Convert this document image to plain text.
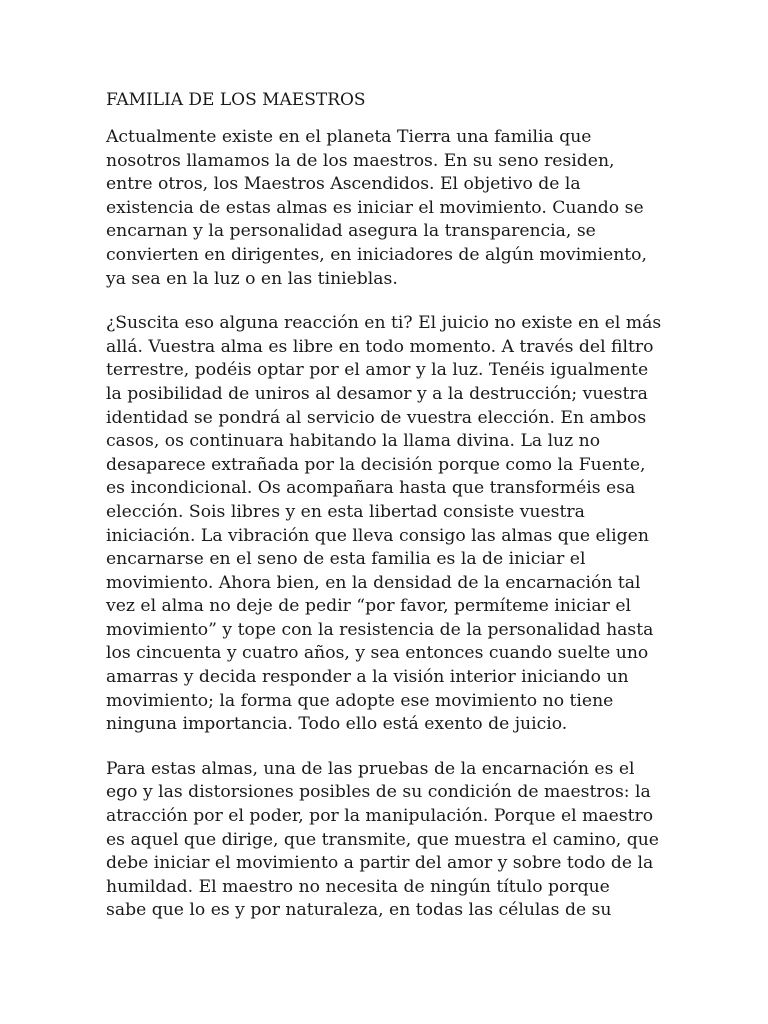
FAMILIA DE LOS MAESTROS
Actualmente existe en el planeta Tierra una familia que
nosotros llamamos la de los maestros. En su seno residen,
entre otros, los Maestros Ascendidos. El objetivo de la
existencia de estas almas es iniciar el movimiento. Cuando se
encarnan y la personalidad asegura la transparencia, se
convierten en dirigentes, en iniciadores de algún movimiento,
ya sea en la luz o en las tinieblas.
¿Suscita eso alguna reacción en ti? El juicio no existe en el más
allá. Vuestra alma es libre en todo momento. A través del filtro
terrestre, podéis optar por el amor y la luz. Tenéis igualmente
la posibilidad de uniros al desamor y a la destrucción; vuestra
identidad se pondrá al servicio de vuestra elección. En ambos
casos, os continuara habitando la llama divina. La luz no
desaparece extrañada por la decisión porque como la Fuente,
es incondicional. Os acompañara hasta que transforméis esa
elección. Sois libres y en esta libertad consiste vuestra
iniciación. La vibración que lleva consigo las almas que eligen
encarnarse en el seno de esta familia es la de iniciar el
movimiento. Ahora bien, en la densidad de la encarnación tal
vez el alma no deje de pedir “por favor, permíteme iniciar el
movimiento” y tope con la resistencia de la personalidad hasta
los cincuenta y cuatro años, y sea entonces cuando suelte uno
amarras y decida responder a la visión interior iniciando un
movimiento; la forma que adopte ese movimiento no tiene
ninguna importancia. Todo ello está exento de juicio.
Para estas almas, una de las pruebas de la encarnación es el
ego y las distorsiones posibles de su condición de maestros: la
atracción por el poder, por la manipulación. Porque el maestro
es aquel que dirige, que transmite, que muestra el camino, que
debe iniciar el movimiento a partir del amor y sobre todo de la
humildad. El maestro no necesita de ningún título porque
sabe que lo es y por naturaleza, en todas las células de su
